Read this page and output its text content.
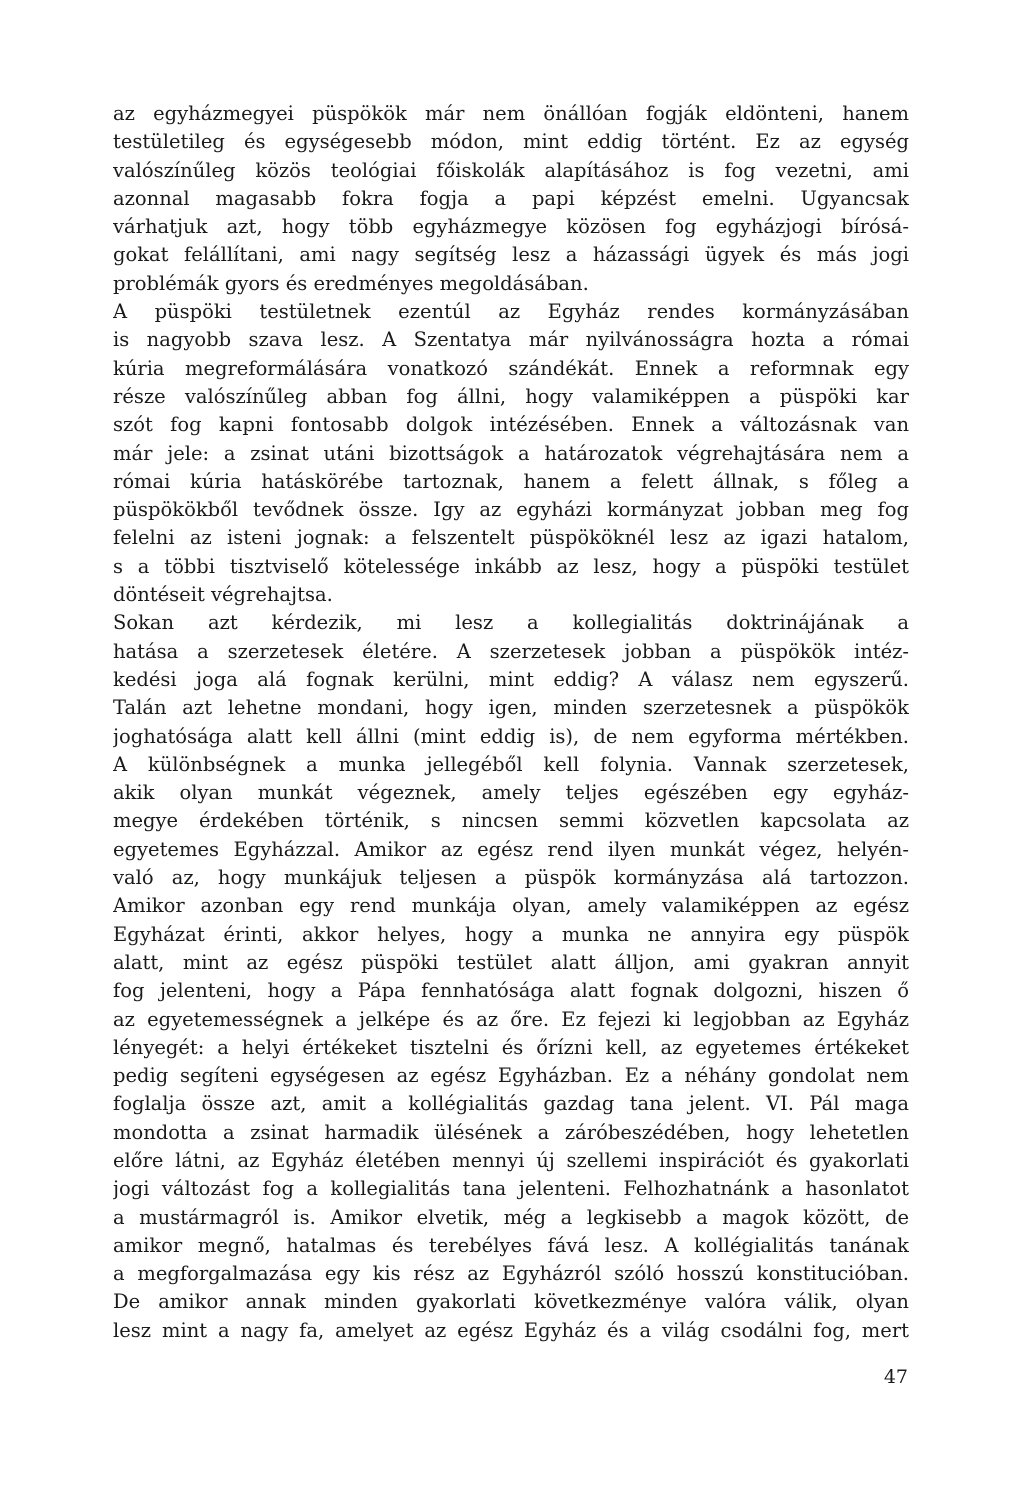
az egyházmegyei püspökök már nem önállóan fogják eldönteni, hanem
testületileg és egységesebb módon, mint eddig történt. Ez az egység
valószínűleg közös teológiai főiskolák alapításához is fog vezetni, ami
azonnal magasabb fokra fogja a papi képzést emelni. Ugyancsak
várhatjuk azt, hogy több egyházmegye közösen fog egyházjogi bírósá-
gokat felállítani, ami nagy segítség lesz a házassági ügyek és más jogi
problémák gyors és eredményes megoldásában.
A püspöki testületnek ezentúl az Egyház rendes kormányzásában
is nagyobb szava lesz. A Szentatya már nyilvánosságra hozta a római
kúria megreformálására vonatkozó szándékát. Ennek a reformnak egy
része valószínűleg abban fog állni, hogy valamiképpen a püspöki kar
szót fog kapni fontosabb dolgok intézésében. Ennek a változásnak van
már jele: a zsinat utáni bizottságok a határozatok végrehajtására nem a
római kúria hatáskörébe tartoznak, hanem a felett állnak, s főleg a
püspökökből tevődnek össze. Igy az egyházi kormányzat jobban meg fog
felelni az isteni jognak: a felszentelt püspököknél lesz az igazi hatalom,
s a többi tisztviselő kötelessége inkább az lesz, hogy a püspöki testület
döntéseit végrehajtsa.
Sokan azt kérdezik, mi lesz a kollegialitás doktrinájának a
hatása a szerzetesek életére. A szerzetesek jobban a püspökök intéz-
kedési joga alá fognak kerülni, mint eddig? A válasz nem egyszerű.
Talán azt lehetne mondani, hogy igen, minden szerzetesnek a püspökök
joghatósága alatt kell állni (mint eddig is), de nem egyforma mértékben.
A különbségnek a munka jellegéből kell folynia. Vannak szerzetesek,
akik olyan munkát végeznek, amely teljes egészében egy egyház-
megye érdekében történik, s nincsen semmi közvetlen kapcsolata az
egyetemes Egyházzal. Amikor az egész rend ilyen munkát végez, helyén-
való az, hogy munkájuk teljesen a püspök kormányzása alá tartozzon.
Amikor azonban egy rend munkája olyan, amely valamiképpen az egész
Egyházat érinti, akkor helyes, hogy a munka ne annyira egy püspök
alatt, mint az egész püspöki testület alatt álljon, ami gyakran annyit
fog jelenteni, hogy a Pápa fennhatósága alatt fognak dolgozni, hiszen ő
az egyetemességnek a jelképe és az őre. Ez fejezi ki legjobban az Egyház
lényegét: a helyi értékeket tisztelni és őrízni kell, az egyetemes értékeket
pedig segíteni egységesen az egész Egyházban. Ez a néhány gondolat nem
foglalja össze azt, amit a kollégialitás gazdag tana jelent. VI. Pál maga
mondotta a zsinat harmadik ülésének a záróbeszédében, hogy lehetetlen
előre látni, az Egyház életében mennyi új szellemi inspirációt és gyakorlati
jogi változást fog a kollegialitás tana jelenteni. Felhozhatnánk a hasonlatot
a mustármagról is. Amikor elvetik, még a legkisebb a magok között, de
amikor megnő, hatalmas és terebélyes fává lesz. A kollégialitás tanának
a megforgalmazása egy kis rész az Egyházról szóló hosszú konstitucióban.
De amikor annak minden gyakorlati következménye valóra válik, olyan
lesz mint a nagy fa, amelyet az egész Egyház és a világ csodálni fog, mert
47
